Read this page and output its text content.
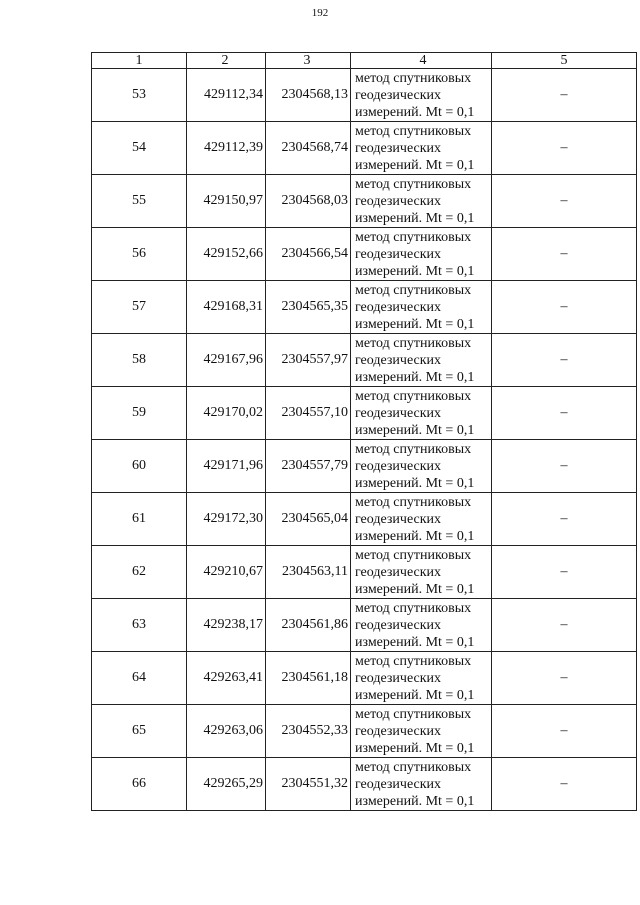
192
1	2	3	4	5
53	429112,34	2304568,13	метод спутниковых
геодезических
измерений. Mt = 0,1	–
54	429112,39	2304568,74	метод спутниковых
геодезических
измерений. Mt = 0,1	–
55	429150,97	2304568,03	метод спутниковых
геодезических
измерений. Mt = 0,1	–
56	429152,66	2304566,54	метод спутниковых
геодезических
измерений. Mt = 0,1	–
57	429168,31	2304565,35	метод спутниковых
геодезических
измерений. Mt = 0,1	–
58	429167,96	2304557,97	метод спутниковых
геодезических
измерений. Mt = 0,1	–
59	429170,02	2304557,10	метод спутниковых
геодезических
измерений. Mt = 0,1	–
60	429171,96	2304557,79	метод спутниковых
геодезических
измерений. Mt = 0,1	–
61	429172,30	2304565,04	метод спутниковых
геодезических
измерений. Mt = 0,1	–
62	429210,67	2304563,11	метод спутниковых
геодезических
измерений. Mt = 0,1	–
63	429238,17	2304561,86	метод спутниковых
геодезических
измерений. Mt = 0,1	–
64	429263,41	2304561,18	метод спутниковых
геодезических
измерений. Mt = 0,1	–
65	429263,06	2304552,33	метод спутниковых
геодезических
измерений. Mt = 0,1	–
66	429265,29	2304551,32	метод спутниковых
геодезических
измерений. Mt = 0,1	–
